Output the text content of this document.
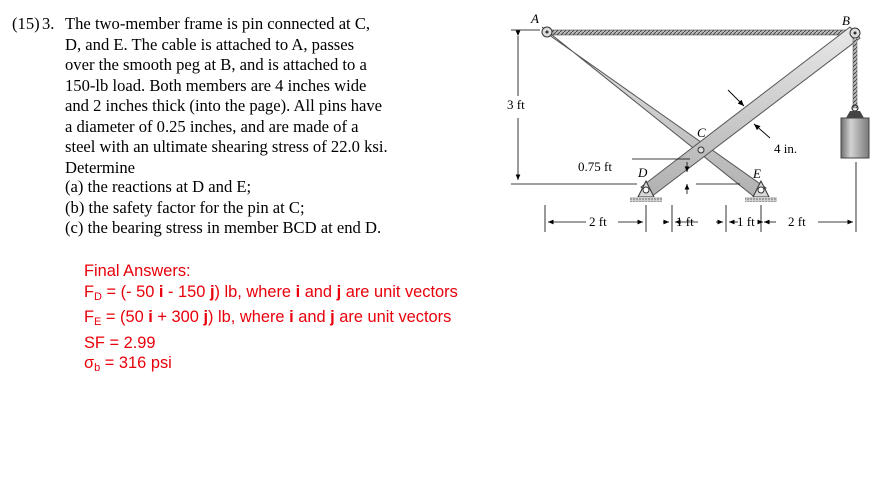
(15) 3. The two-member frame is pin connected at C,
D, and E. The cable is attached to A, passes
over the smooth peg at B, and is attached to a
150-lb load. Both members are 4 inches wide
and 2 inches thick (into the page). All pins have
a diameter of 0.25 inches, and are made of a
steel with an ultimate shearing stress of 22.0 ksi.
Determine
(a) the reactions at D and E;
(b) the safety factor for the pin at C;
(c) the bearing stress in member BCD at end D.
Final Answers:
$F_D$ = (- 50 i - 150 j) lb, where i and j are unit vectors
$F_E = (50$ i + 300 j) lb, where i and j are unit vectors
SF = 2.99
$\sigma_b = 316$ psi
A	B
C
D	E
3 ft
0.75 ft
4 in.
2 ft	1 ft	1 ft	2 ft
